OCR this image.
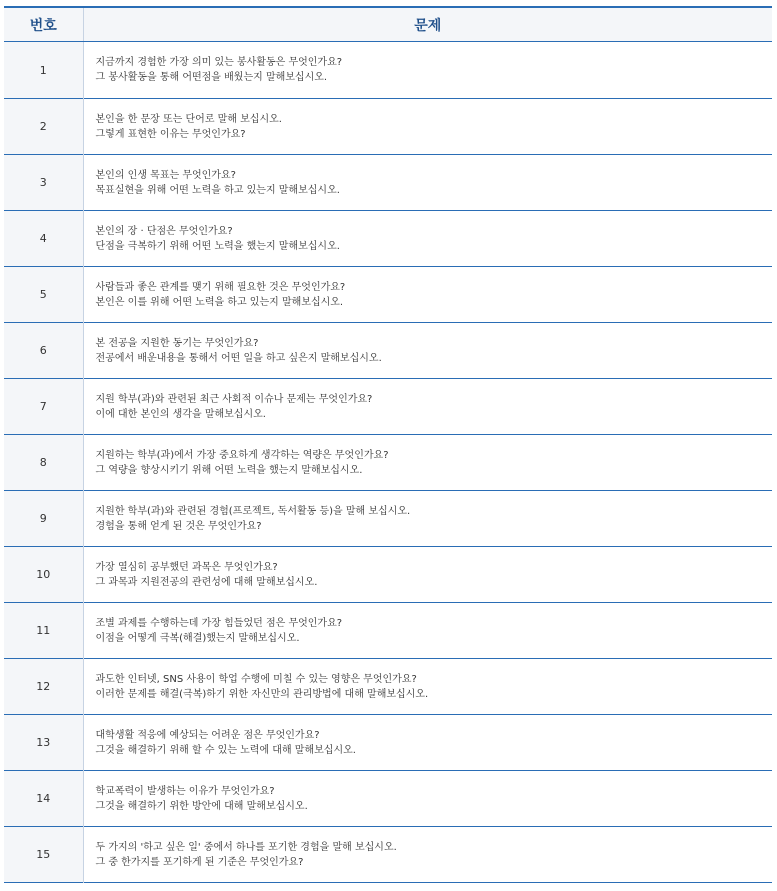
번호	문제
1	지금까지 경험한 가장 의미 있는 봉사활동은 무엇인가요?
그 봉사활동을 통해 어떤점을 배웠는지 말해보십시오.

2	본인을 한 문장 또는 단어로 말해 보십시오.
그렇게 표현한 이유는 무엇인가요?

3	본인의 인생 목표는 무엇인가요?
목표실현을 위해 어떤 노력을 하고 있는지 말해보십시오.

4	본인의 장 · 단점은 무엇인가요?
단점을 극복하기 위해 어떤 노력을 했는지 말해보십시오.

5	사람들과 좋은 관계를 맺기 위해 필요한 것은 무엇인가요?
본인은 이를 위해 어떤 노력을 하고 있는지 말해보십시오.

6	본 전공을 지원한 동기는 무엇인가요?
전공에서 배운내용을 통해서 어떤 일을 하고 싶은지 말해보십시오.

7	지원 학부(과)와 관련된 최근 사회적 이슈나 문제는 무엇인가요?
이에 대한 본인의 생각을 말해보십시오.

8	지원하는 학부(과)에서 가장 중요하게 생각하는 역량은 무엇인가요?
그 역량을 향상시키기 위해 어떤 노력을 했는지 말해보십시오.

9	지원한 학부(과)와 관련된 경험(프로젝트, 독서활동 등)을 말해 보십시오.
경험을 통해 얻게 된 것은 무엇인가요?

10	가장 열심히 공부했던 과목은 무엇인가요?
그 과목과 지원전공의 관련성에 대해 말해보십시오.

11	조별 과제를 수행하는데 가장 힘들었던 점은 무엇인가요?
이점을 어떻게 극복(해결)했는지 말해보십시오.

12	과도한 인터넷, SNS 사용이 학업 수행에 미칠 수 있는 영향은 무엇인가요?
이러한 문제를 해결(극복)하기 위한 자신만의 관리방법에 대해 말해보십시오.

13	대학생활 적응에 예상되는 어려운 점은 무엇인가요?
그것을 해결하기 위해 할 수 있는 노력에 대해 말해보십시오.

14	학교폭력이 발생하는 이유가 무엇인가요?
그것을 해결하기 위한 방안에 대해 말해보십시오.

15	두 가지의 '하고 싶은 일' 중에서 하나를 포기한 경험을 말해 보십시오.
그 중 한가지를 포기하게 된 기준은 무엇인가요?
